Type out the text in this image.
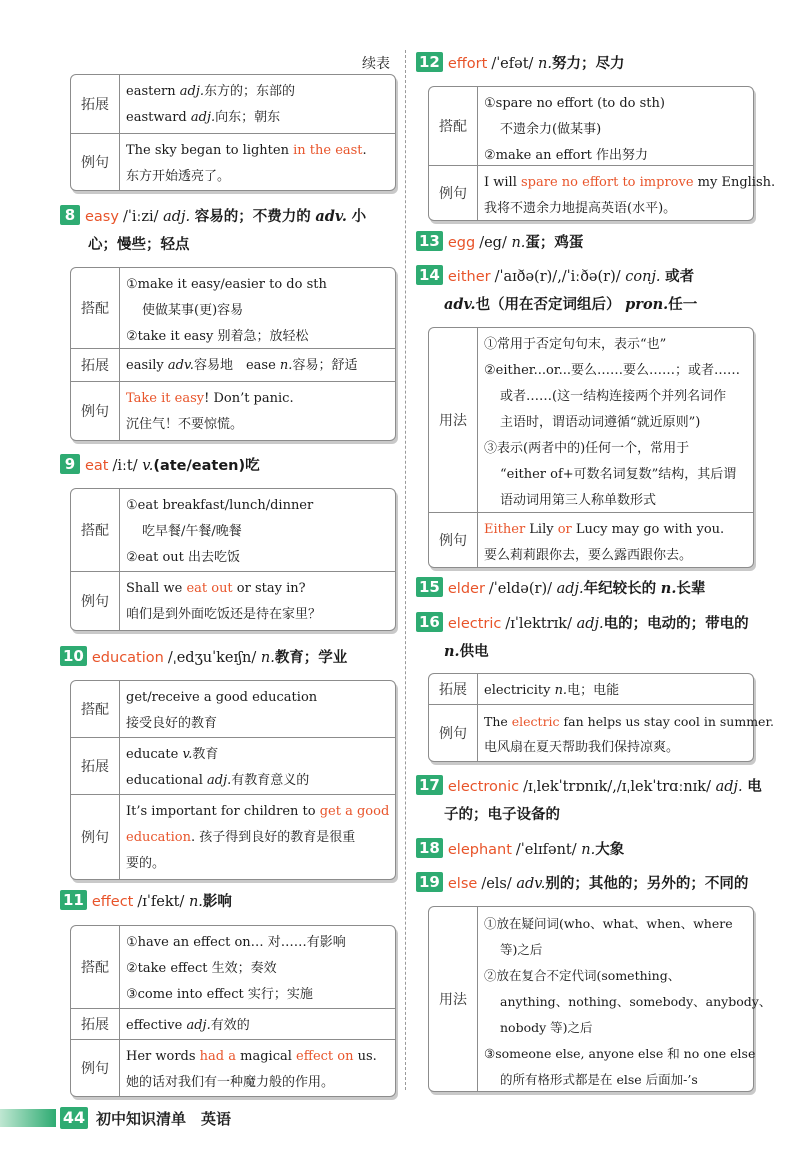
续表
拓展
eastern adj.东方的；东部的
eastward adj.向东；朝东
例句
The sky began to lighten in the east.
东方开始透亮了。
8 easy /ˈiːzi/ adj. 容易的；不费力的 adv. 小
心；慢些；轻点
搭配
①make it easy/easier to do sth
使做某事(更)容易
②take it easy 别着急；放轻松
拓展	easily adv.容易地　 ease n.容易；舒适
例句
Take it easy! Don’t panic.
沉住气！不要惊慌。
9 eat /iːt/ v.(ate/eaten)吃
搭配
①eat breakfast/lunch/dinner
吃早餐/午餐/晚餐
②eat out 出去吃饭
例句
Shall we eat out or stay in?
咱们是到外面吃饭还是待在家里？
10 education /ˌedʒuˈkeɪʃn/ n.教育；学业
搭配
get/receive a good education
接受良好的教育
拓展
educate v.教育
educational adj.有教育意义的
例句
It’s important for children to get a good
education. 孩子得到良好的教育是很重
要的。
11 effect /ɪˈfekt/ n.影响
搭配
①have an effect on… 对……有影响
②take effect 生效；奏效
③come into effect 实行；实施
拓展	effective adj.有效的
例句
Her words had a magical effect on us.
她的话对我们有一种魔力般的作用。
12 effort /ˈefət/ n.努力；尽力
搭配
①spare no effort (to do sth)
不遗余力(做某事)
②make an effort 作出努力
例句
I will spare no effort to improve my English.
我将不遗余力地提高英语(水平)。
13 egg /eg/ n.蛋；鸡蛋
14 either /ˈaɪðə(r)/,/ˈiːðə(r)/ conj. 或者
adv.也（用在否定词组后） pron.任一
用法
①常用于否定句句末，表示“也”
②either...or...要么……要么……；或者……
或者……(这一结构连接两个并列名词作
主语时，谓语动词遵循“就近原则”)
③表示(两者中的)任何一个，常用于
“either of+可数名词复数”结构，其后谓
语动词用第三人称单数形式
例句
Either Lily or Lucy may go with you.
要么莉莉跟你去，要么露西跟你去。
15 elder /ˈeldə(r)/ adj.年纪较长的 n.长辈
16 electric /ɪˈlektrɪk/ adj.电的；电动的；带电的
n.供电
拓展	electricity n.电；电能
例句
The electric fan helps us stay cool in summer.
电风扇在夏天帮助我们保持凉爽。
17 electronic /ɪˌlekˈtrɒnɪk/,/ɪˌlekˈtrɑːnɪk/ adj. 电
子的；电子设备的
18 elephant /ˈelɪfənt/ n.大象
19 else /els/ adv.别的；其他的；另外的；不同的
用法
①放在疑问词(who、what、when、where
等)之后
②放在复合不定代词(something、
anything、nothing、somebody、anybody、
nobody 等)之后
③someone else, anyone else 和 no one else
的所有格形式都是在 else 后面加-’s
44 初中知识清单　英语
